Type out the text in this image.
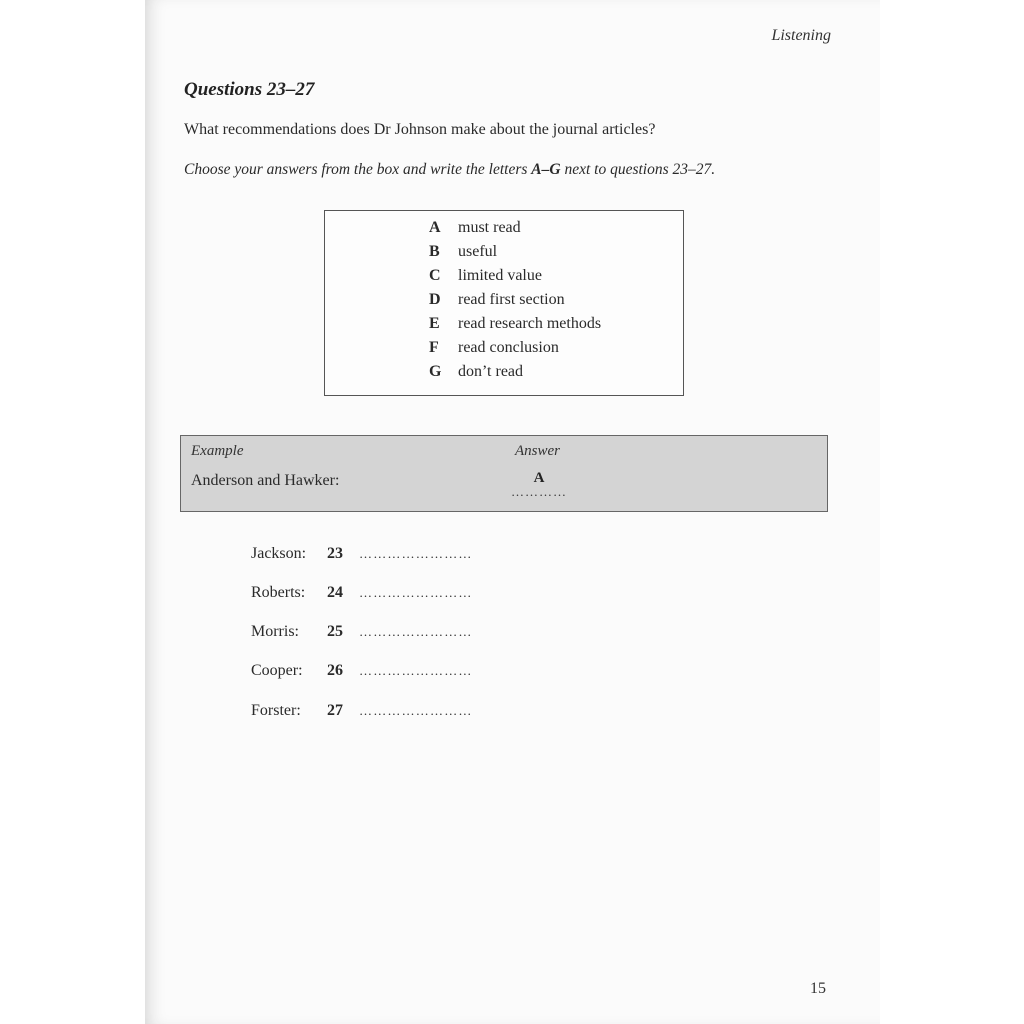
Listening
Questions 23–27
What recommendations does Dr Johnson make about the journal articles?
Choose your answers from the box and write the letters A–G next to questions 23–27.
A must read
B useful
C limited value
D read first section
E read research methods
F read conclusion
G don’t read
Example	Answer
Anderson and Hawker:	A
…………
Jackson: 23 ……………………
Roberts: 24 ……………………
Morris: 25 ……………………
Cooper: 26 ……………………
Forster: 27 ……………………
15
